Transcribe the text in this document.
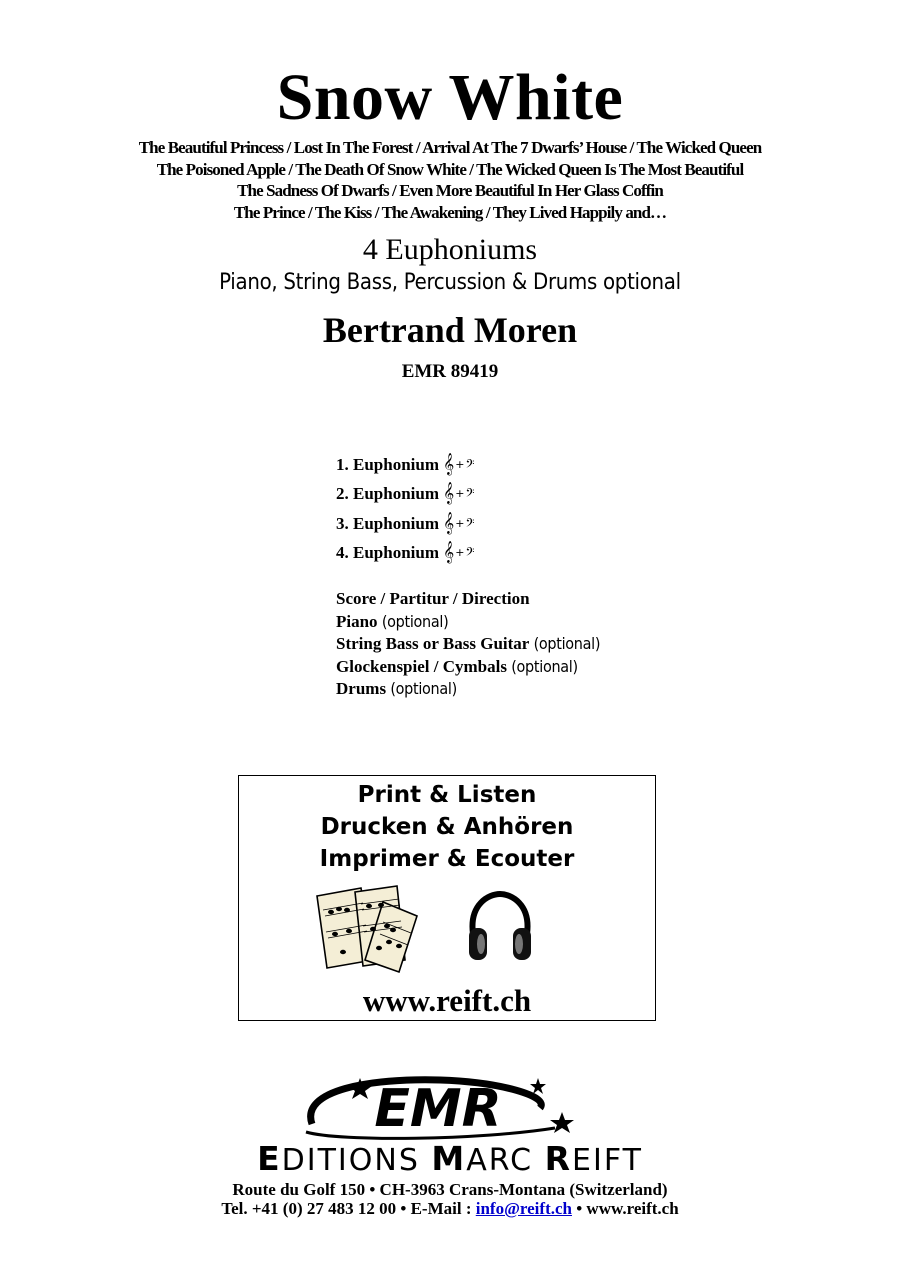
Snow White
The Beautiful Princess / Lost In The Forest / Arrival At The 7 Dwarfs’ House / The Wicked Queen
The Poisoned Apple / The Death Of Snow White / The Wicked Queen Is The Most Beautiful
The Sadness Of Dwarfs / Even More Beautiful In Her Glass Coffin
The Prince / The Kiss / The Awakening / They Lived Happily and…
4 Euphoniums
Piano, String Bass, Percussion & Drums optional
Bertrand Moren
EMR 89419
1. Euphonium 𝄞+𝄢
2. Euphonium 𝄞+𝄢
3. Euphonium 𝄞+𝄢
4. Euphonium 𝄞+𝄢
Score / Partitur / Direction
Piano (optional)
String Bass or Bass Guitar (optional)
Glockenspiel / Cymbals (optional)
Drums (optional)
Print & Listen
Drucken & Anhören
Imprimer & Ecouter
www.reift.ch
EMR
EDITIONS MARC REIFT
Route du Golf 150 • CH-3963 Crans-Montana (Switzerland)
Tel. +41 (0) 27 483 12 00 • E-Mail : info@reift.ch • www.reift.ch
